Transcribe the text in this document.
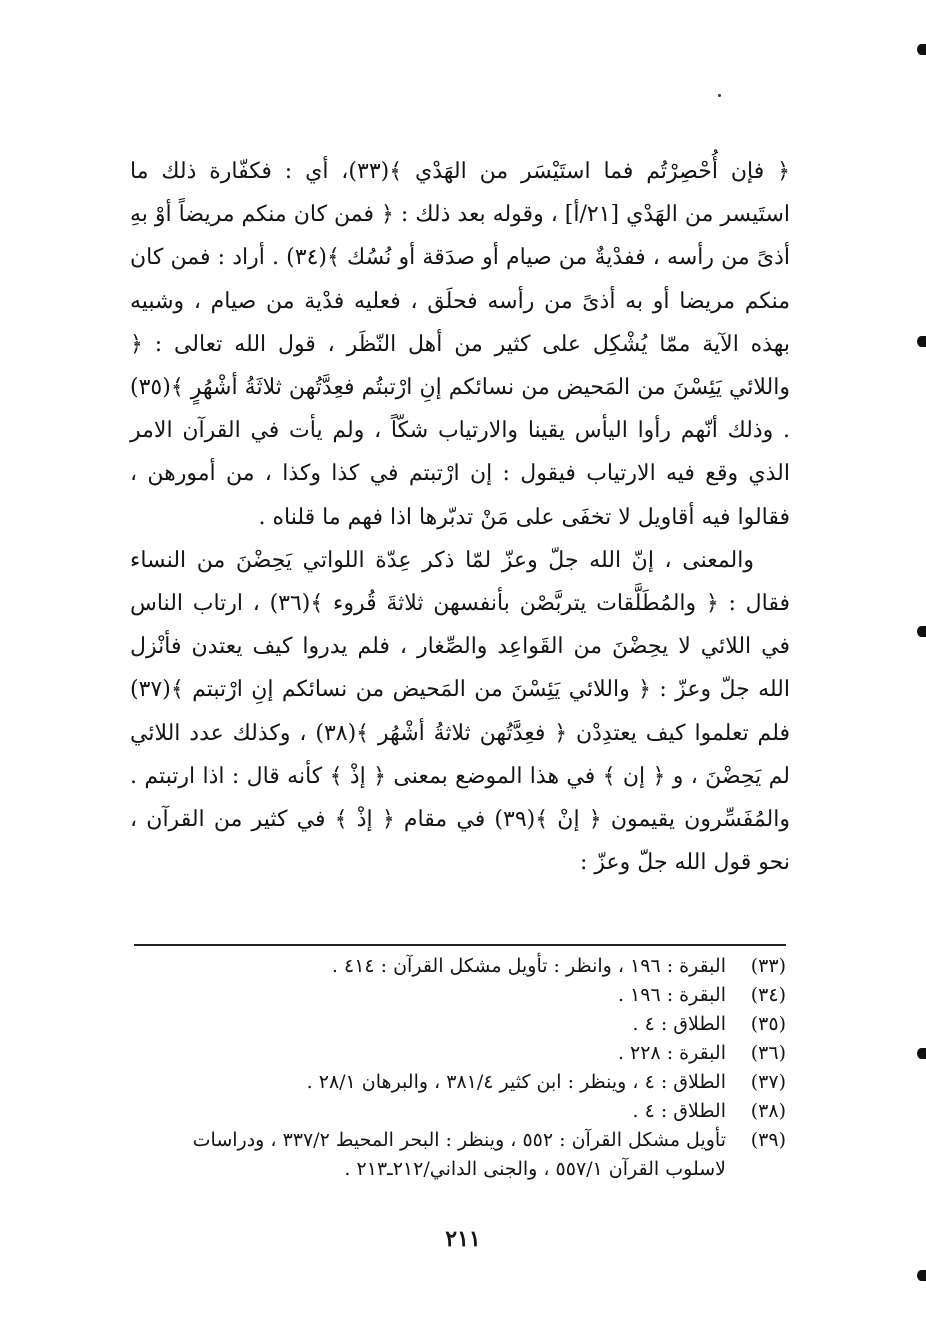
﴿ فإن أُحْصِرْتُم فما استَيْسَر من الهَدْي ﴾(٣٣)، أي : فكفّارة ذلك ما استَيسر من الهَدْي [٢١/أ] ، وقوله بعد ذلك : ﴿ فمن كان منكم مريضاً أوْ بهِ أذىً من رأسه ، ففدْيةٌ من صيام أو صدَقة أو نُسُك ﴾(٣٤) . أراد : فمن كان منكم مريضا أو به أذىً من رأسه فحلَق ، فعليه فدْية من صيام ، وشبيه بهذه الآية ممّا يُشْكِل على كثير من أهل النّظَر ، قول الله تعالى : ﴿ واللائي يَئِسْنَ من المَحيض من نسائكم إنِ ارْتبتُم فعِدَّتُهن ثلاثَةُ أشْهُرٍ ﴾(٣٥) . وذلك أنّهم رأوا اليأس يقينا والارتياب شكّاً ، ولم يأت في القرآن الامر الذي وقع فيه الارتياب فيقول : إن ارْتبتم في كذا وكذا ، من أمورهن ، فقالوا فيه أقاويل لا تخفَى على مَنْ تدبّرها اذا فهم ما قلناه .

والمعنى ، إنّ الله جلّ وعزّ لمّا ذكر عِدّة اللواتي يَحِضْنَ من النساء فقال : ﴿ والمُطَلَّقات يتربَّصْن بأنفسهن ثلاثةَ قُروء ﴾(٣٦) ، ارتاب الناس في اللائي لا يحِضْنَ من القَواعِد والصِّغار ، فلم يدروا كيف يعتدن فأنْزل الله جلّ وعزّ : ﴿ واللائي يَئِسْنَ من المَحيض من نسائكم إنِ ارْتبتم ﴾(٣٧) فلم تعلموا كيف يعتدِدْن ﴿ فعِدَّتُهن ثلاثةُ أشْهُر ﴾(٣٨) ، وكذلك عدد اللائي لم يَحِضْنَ ، و ﴿ إن ﴾ في هذا الموضع بمعنى ﴿ إذْ ﴾ كأنه قال : اذا ارتبتم . والمُفَسِّرون يقيمون ﴿ إنْ ﴾(٣٩) في مقام ﴿ إذْ ﴾ في كثير من القرآن ، نحو قول الله جلّ وعزّ :

(٣٣)
البقرة : ١٩٦ ، وانظر : تأويل مشكل القرآن : ٤١٤ .
(٣٤)
البقرة : ١٩٦ .
(٣٥)
الطلاق : ٤ .
(٣٦)
البقرة : ٢٢٨ .
(٣٧)
الطلاق : ٤ ، وينظر : ابن كثير ٣٨١/٤ ، والبرهان ٢٨/١ .
(٣٨)
الطلاق : ٤ .
(٣٩)
تأويل مشكل القرآن : ٥٥٢ ، وينظر : البحر المحيط ٣٣٧/٢ ، ودراسات لاسلوب القرآن ٥٥٧/١ ، والجنى الداني/٢١٢ـ٢١٣ .
٢١١
